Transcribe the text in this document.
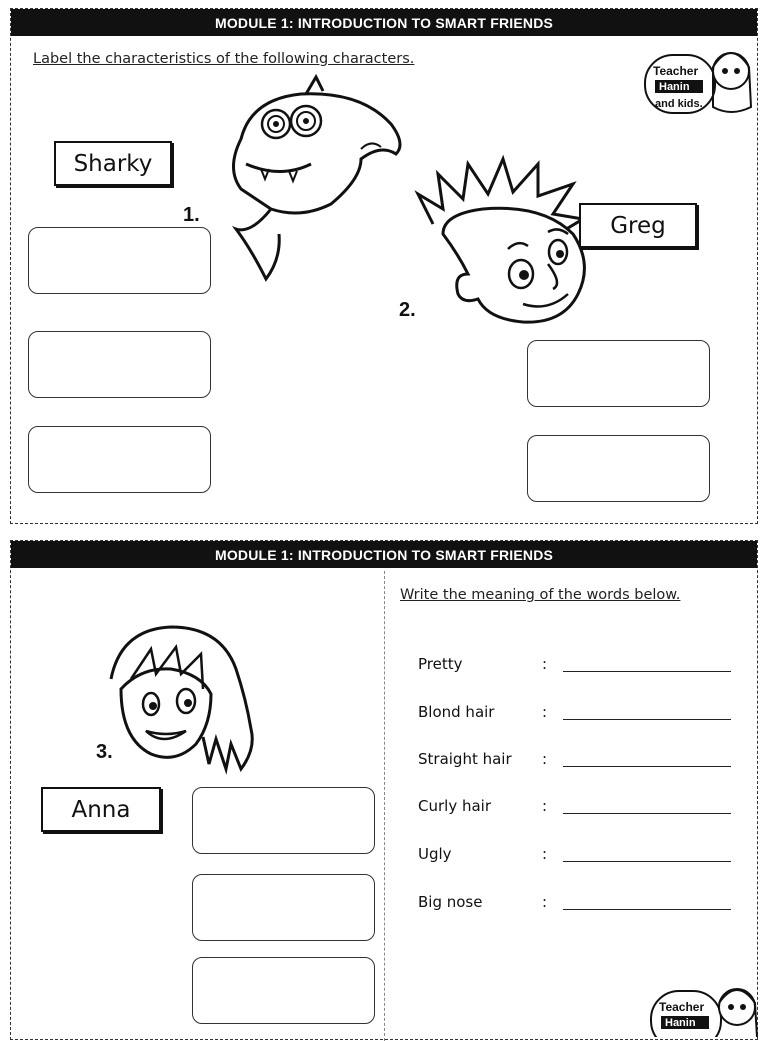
MODULE 1: INTRODUCTION TO SMART FRIENDS
Label the characteristics of the following characters.
Teacher
Hanin
and kids.
Sharky
1.
2.
Greg
MODULE 1: INTRODUCTION TO SMART FRIENDS
3.
Anna
Write the meaning of the words below.
Pretty	:
Blond hair	:
Straight hair :
Curly hair	:
Ugly	:
Big nose	:
Teacher
Hanin
